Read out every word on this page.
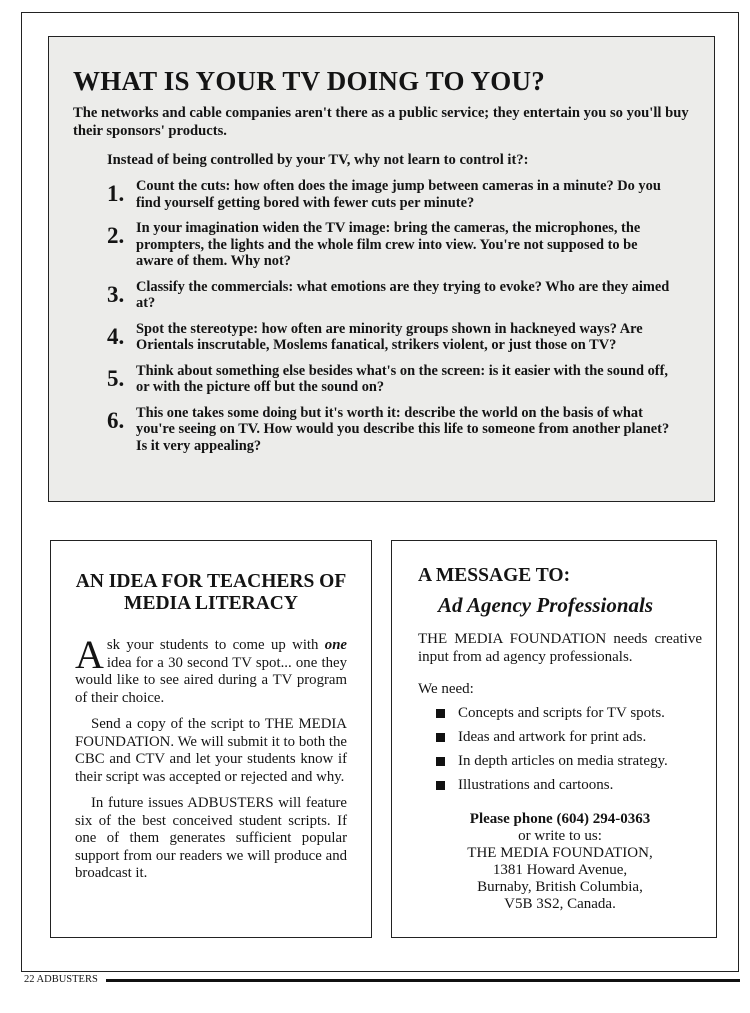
WHAT IS YOUR TV DOING TO YOU?

The networks and cable companies aren't there as a public service; they entertain you so you'll buy their sponsors' products.

Instead of being controlled by your TV, why not learn to control it?:

1. Count the cuts: how often does the image jump between cameras in a minute? Do you find yourself getting bored with fewer cuts per minute?
2. In your imagination widen the TV image: bring the cameras, the microphones, the prompters, the lights and the whole film crew into view. You're not supposed to be aware of them. Why not?
3. Classify the commercials: what emotions are they trying to evoke? Who are they aimed at?
4. Spot the stereotype: how often are minority groups shown in hackneyed ways? Are Orientals inscrutable, Moslems fanatical, strikers violent, or just those on TV?
5. Think about something else besides what's on the screen: is it easier with the sound off, or with the picture off but the sound on?
6. This one takes some doing but it's worth it: describe the world on the basis of what you're seeing on TV. How would you describe this life to someone from another planet? Is it very appealing?
AN IDEA FOR TEACHERS OF MEDIA LITERACY

Ask your students to come up with one idea for a 30 second TV spot... one they would like to see aired during a TV program of their choice.

Send a copy of the script to THE MEDIA FOUNDATION. We will submit it to both the CBC and CTV and let your students know if their script was accepted or rejected and why.

In future issues ADBUSTERS will feature six of the best conceived student scripts. If one of them generates sufficient popular support from our readers we will produce and broadcast it.

A MESSAGE TO:
Ad Agency Professionals

THE MEDIA FOUNDATION needs creative input from ad agency professionals.

We need:

Concepts and scripts for TV spots.
Ideas and artwork for print ads.
In depth articles on media strategy.
Illustrations and cartoons.

Please phone (604) 294-0363

or write to us:

THE MEDIA FOUNDATION,

1381 Howard Avenue,

Burnaby, British Columbia,

V5B 3S2, Canada.

22 ADBUSTERS
